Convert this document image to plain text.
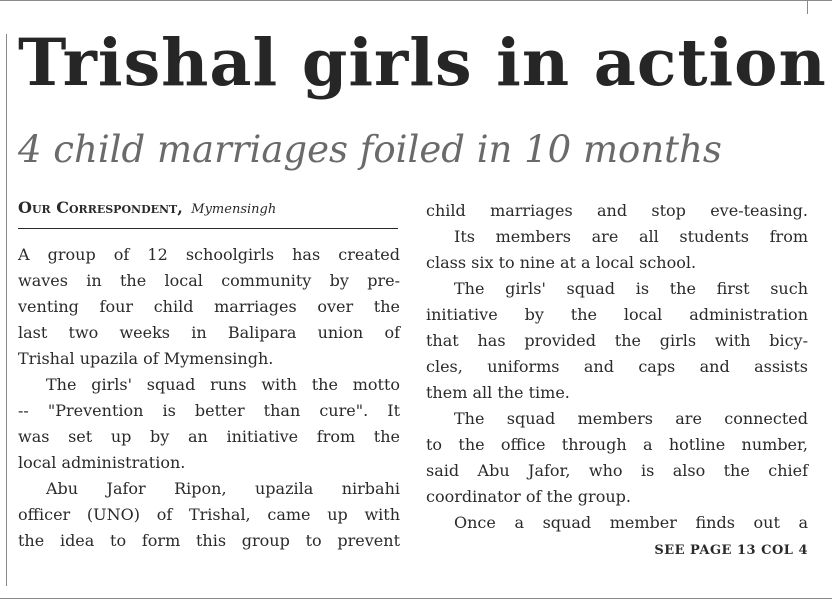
Trishal girls in action
4 child marriages foiled in 10 months
Our Correspondent, Mymensingh
A group of 12 schoolgirls has created
waves in the local community by pre-
venting four child marriages over the
last two weeks in Balipara union of
Trishal upazila of Mymensingh.
The girls' squad runs with the motto
-- "Prevention is better than cure". It
was set up by an initiative from the
local administration.
Abu Jafor Ripon, upazila nirbahi
officer (UNO) of Trishal, came up with
the idea to form this group to prevent
child marriages and stop eve-teasing.
Its members are all students from
class six to nine at a local school.
The girls' squad is the first such
initiative by the local administration
that has provided the girls with bicy-
cles, uniforms and caps and assists
them all the time.
The squad members are connected
to the office through a hotline number,
said Abu Jafor, who is also the chief
coordinator of the group.
Once a squad member finds out a
SEE PAGE 13 COL 4
